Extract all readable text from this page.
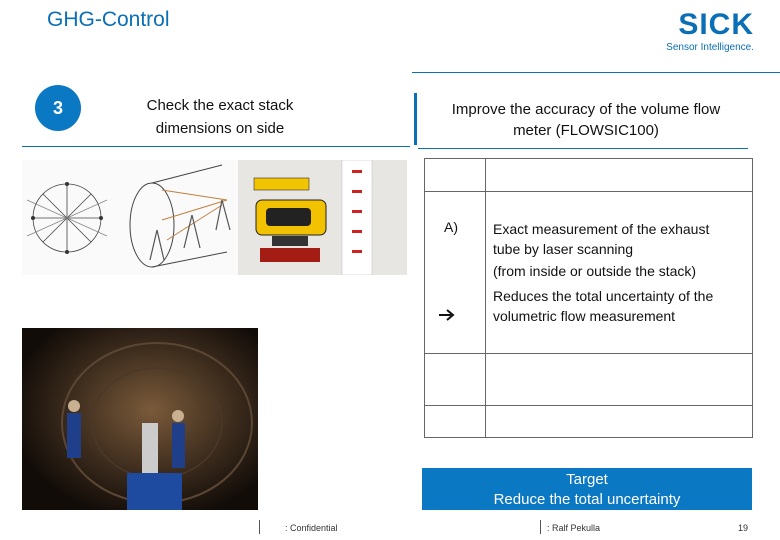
GHG-Control	SICK
Sensor Intelligence.
3	Check the exact stack
dimensions on side
Improve the accuracy of the volume flow
meter (FLOWSIC100)
A)	Exact measurement of the exhaust
tube by laser scanning
(from inside or outside the stack)
Reduces the total uncertainty of the
volumetric flow measurement
Target
Reduce the total uncertainty
: Confidential	: Ralf Pekulla	19
